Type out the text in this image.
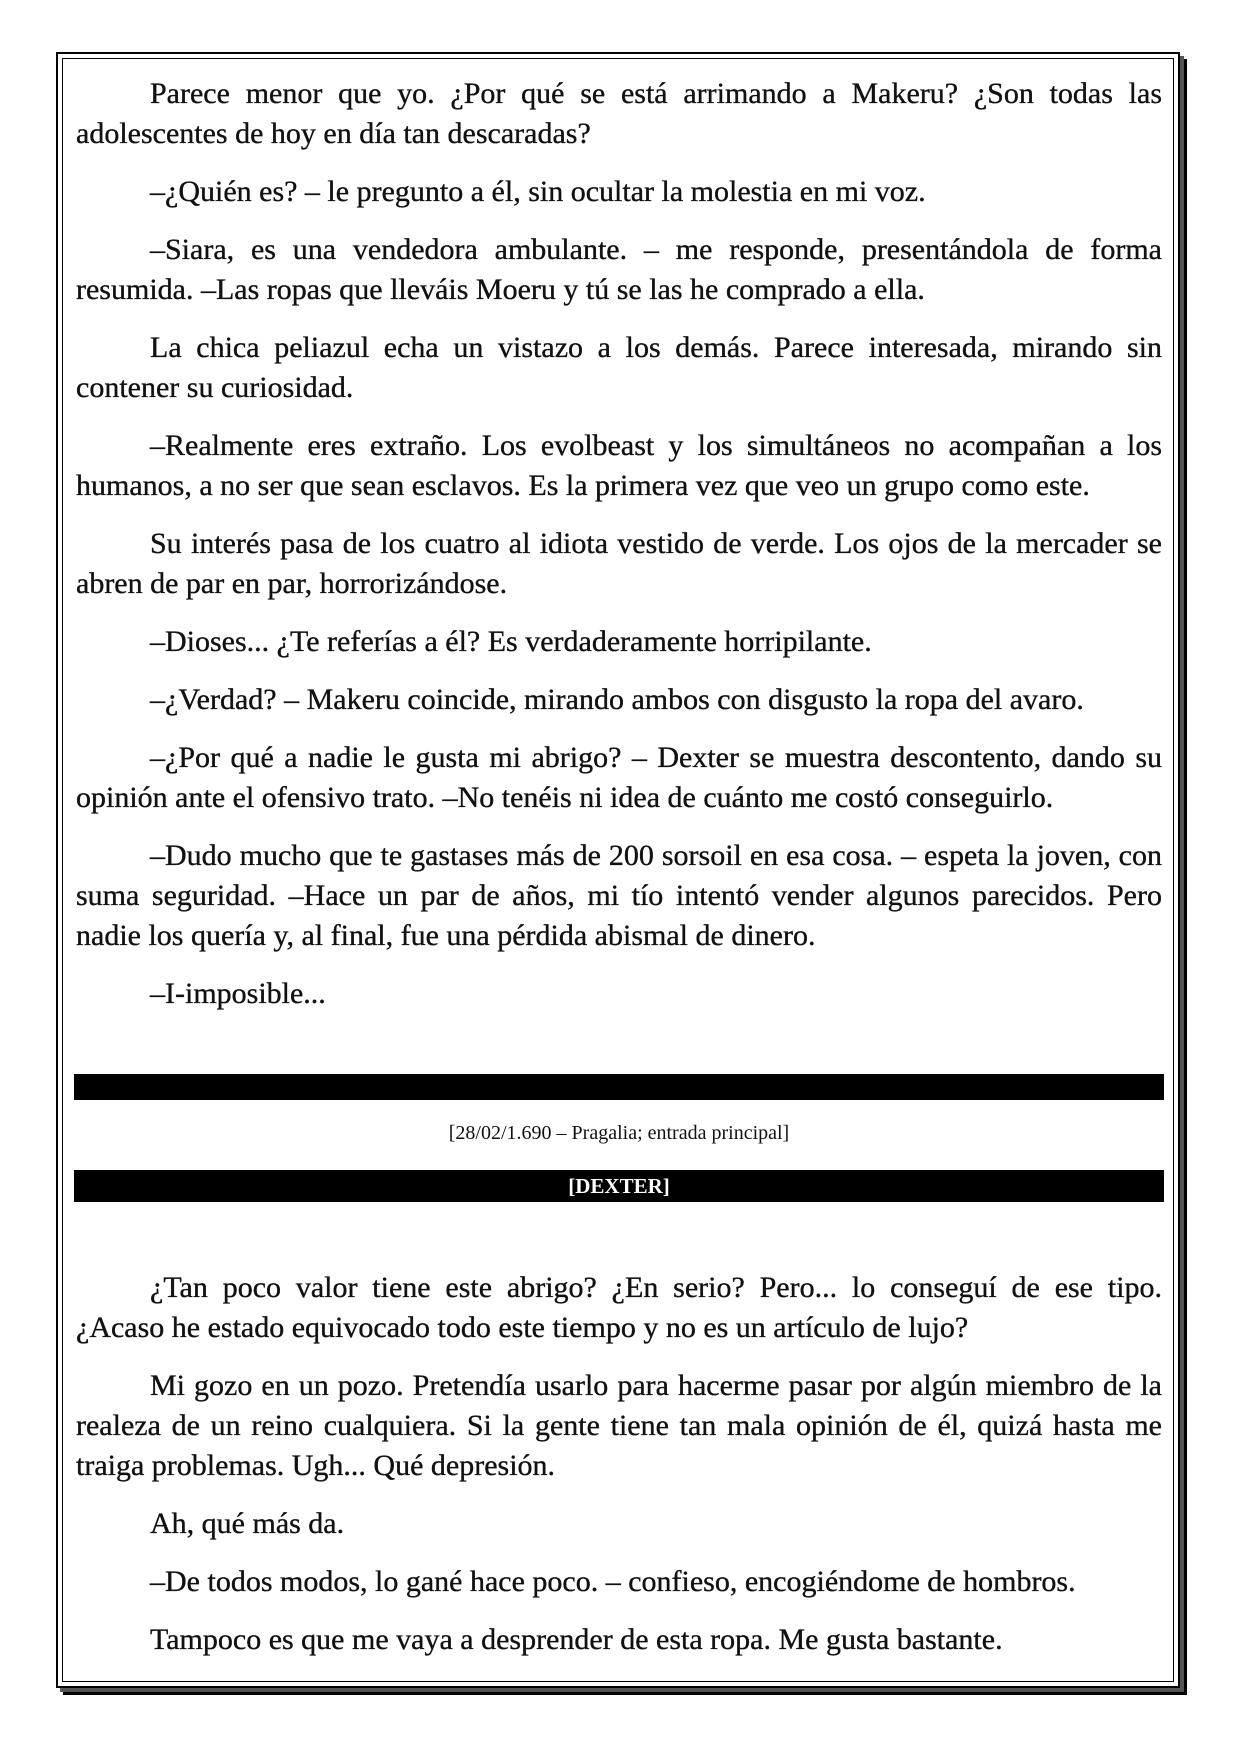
Parece menor que yo. ¿Por qué se está arrimando a Makeru? ¿Son todas las adolescentes de hoy en día tan descaradas?

–¿Quién es? – le pregunto a él, sin ocultar la molestia en mi voz.

–Siara, es una vendedora ambulante. – me responde, presentándola de forma resumida. –Las ropas que lleváis Moeru y tú se las he comprado a ella.

La chica peliazul echa un vistazo a los demás. Parece interesada, mirando sin contener su curiosidad.

–Realmente eres extraño. Los evolbeast y los simultáneos no acompañan a los humanos, a no ser que sean esclavos. Es la primera vez que veo un grupo como este.

Su interés pasa de los cuatro al idiota vestido de verde. Los ojos de la mercader se abren de par en par, horrorizándose.

–Dioses... ¿Te referías a él? Es verdaderamente horripilante.

–¿Verdad? – Makeru coincide, mirando ambos con disgusto la ropa del avaro.

–¿Por qué a nadie le gusta mi abrigo? – Dexter se muestra descontento, dando su opinión ante el ofensivo trato. –No tenéis ni idea de cuánto me costó conseguirlo.

–Dudo mucho que te gastases más de 200 sorsoil en esa cosa. – espeta la joven, con suma seguridad. –Hace un par de años, mi tío intentó vender algunos parecidos. Pero nadie los quería y, al final, fue una pérdida abismal de dinero.

–I-imposible...

[28/02/1.690 – Pragalia; entrada principal]
[DEXTER]

¿Tan poco valor tiene este abrigo? ¿En serio? Pero... lo conseguí de ese tipo. ¿Acaso he estado equivocado todo este tiempo y no es un artículo de lujo?

Mi gozo en un pozo. Pretendía usarlo para hacerme pasar por algún miembro de la realeza de un reino cualquiera. Si la gente tiene tan mala opinión de él, quizá hasta me traiga problemas. Ugh... Qué depresión.

Ah, qué más da.

–De todos modos, lo gané hace poco. – confieso, encogiéndome de hombros.

Tampoco es que me vaya a desprender de esta ropa. Me gusta bastante.
